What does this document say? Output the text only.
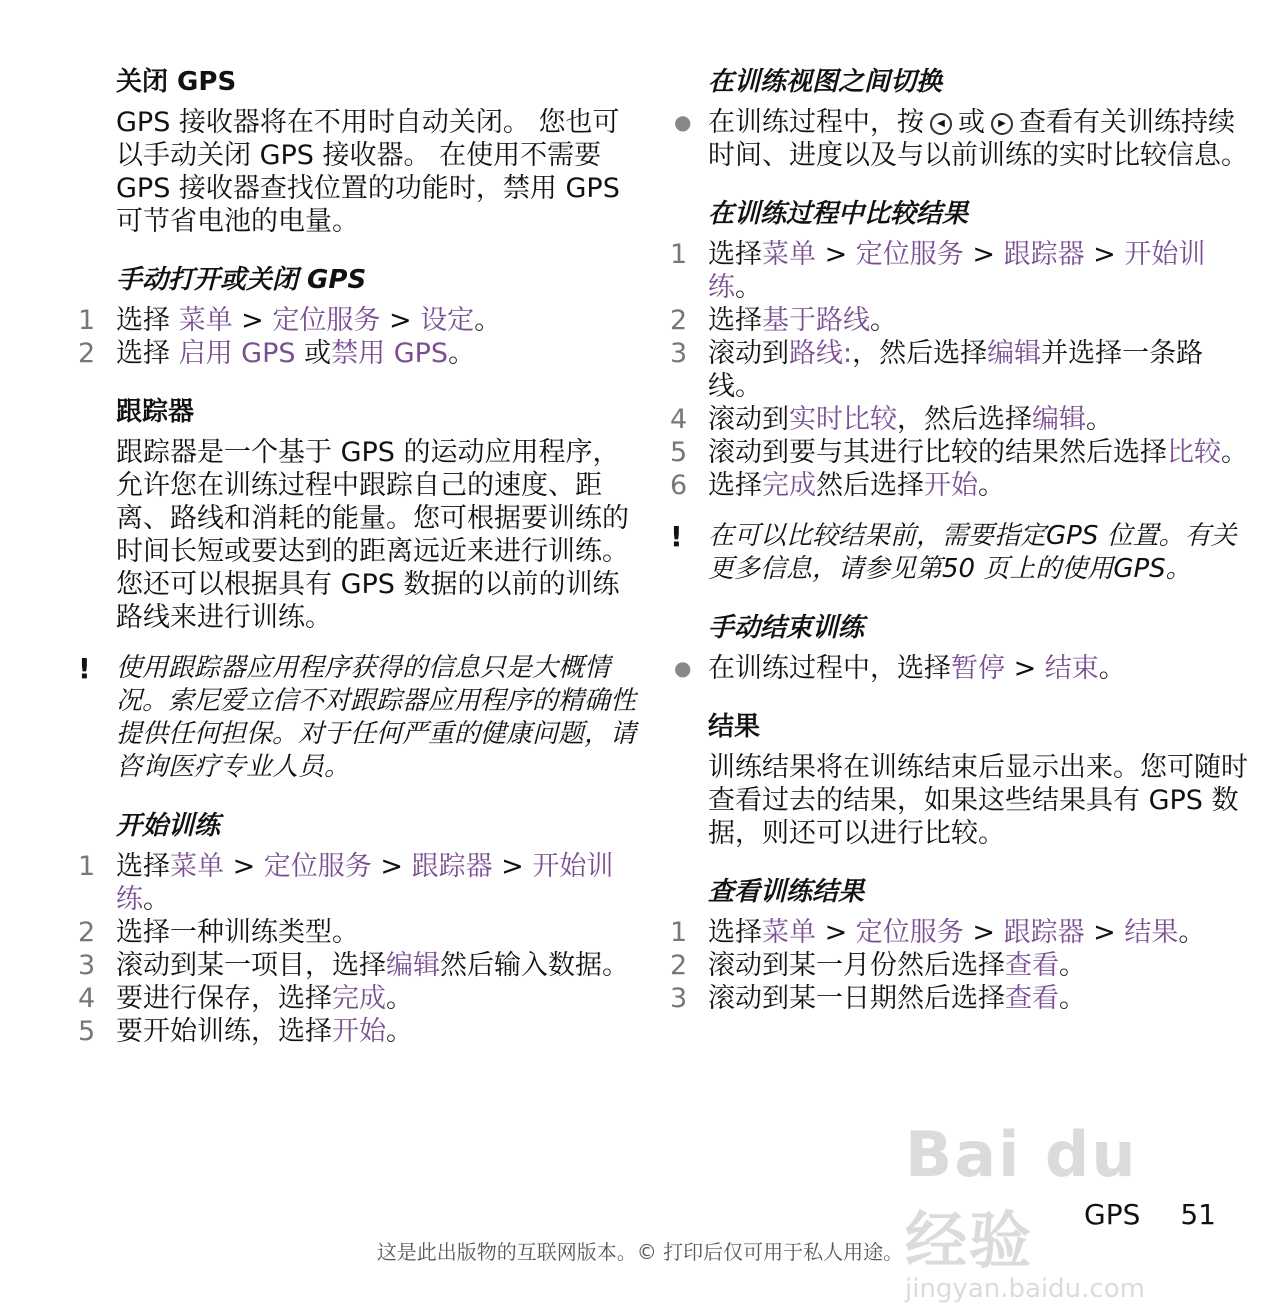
关闭 GPS
GPS 接收器将在不用时自动关闭。 您也可以手动关闭 GPS 接收器。 在使用不需要GPS 接收器查找位置的功能时，禁用 GPS 可节省电池的电量。
手动打开或关闭 GPS
1 选择 菜单 > 定位服务 > 设定。
2 选择 启用 GPS 或禁用 GPS。
跟踪器
跟踪器是一个基于 GPS 的运动应用程序，允许您在训练过程中跟踪自己的速度、距离、路线和消耗的能量。您可根据要训练的时间长短或要达到的距离远近来进行训练。您还可以根据具有 GPS 数据的以前的训练路线来进行训练。
! 使用跟踪器应用程序获得的信息只是大概情况。索尼爱立信不对跟踪器应用程序的精确性提供任何担保。对于任何严重的健康问题，请咨询医疗专业人员。
开始训练
1 选择菜单 > 定位服务 > 跟踪器 > 开始训练。
2 选择一种训练类型。
3 滚动到某一项目，选择编辑然后输入数据。
4 要进行保存，选择完成。
5 要开始训练，选择开始。
在训练视图之间切换
● 在训练过程中，按 ◀ 或 ▶ 查看有关训练持续时间、进度以及与以前训练的实时比较信息。
在训练过程中比较结果
1 选择菜单 > 定位服务 > 跟踪器 > 开始训练。
2 选择基于路线。
3 滚动到路线:，然后选择编辑并选择一条路线。
4 滚动到实时比较，然后选择编辑。
5 滚动到要与其进行比较的结果然后选择比较。
6 选择完成然后选择开始。
! 在可以比较结果前，需要指定GPS 位置。有关更多信息，请参见第50 页上的使用GPS。
手动结束训练
● 在训练过程中，选择暂停 > 结束。
结果
训练结果将在训练结束后显示出来。您可随时查看过去的结果，如果这些结果具有 GPS 数据，则还可以进行比较。
查看训练结果
1 选择菜单 > 定位服务 > 跟踪器 > 结果。
2 滚动到某一月份然后选择查看。
3 滚动到某一日期然后选择查看。
Bai du 经验
jingyan.baidu.com
GPS 51
这是此出版物的互联网版本。© 打印后仅可用于私人用途。
